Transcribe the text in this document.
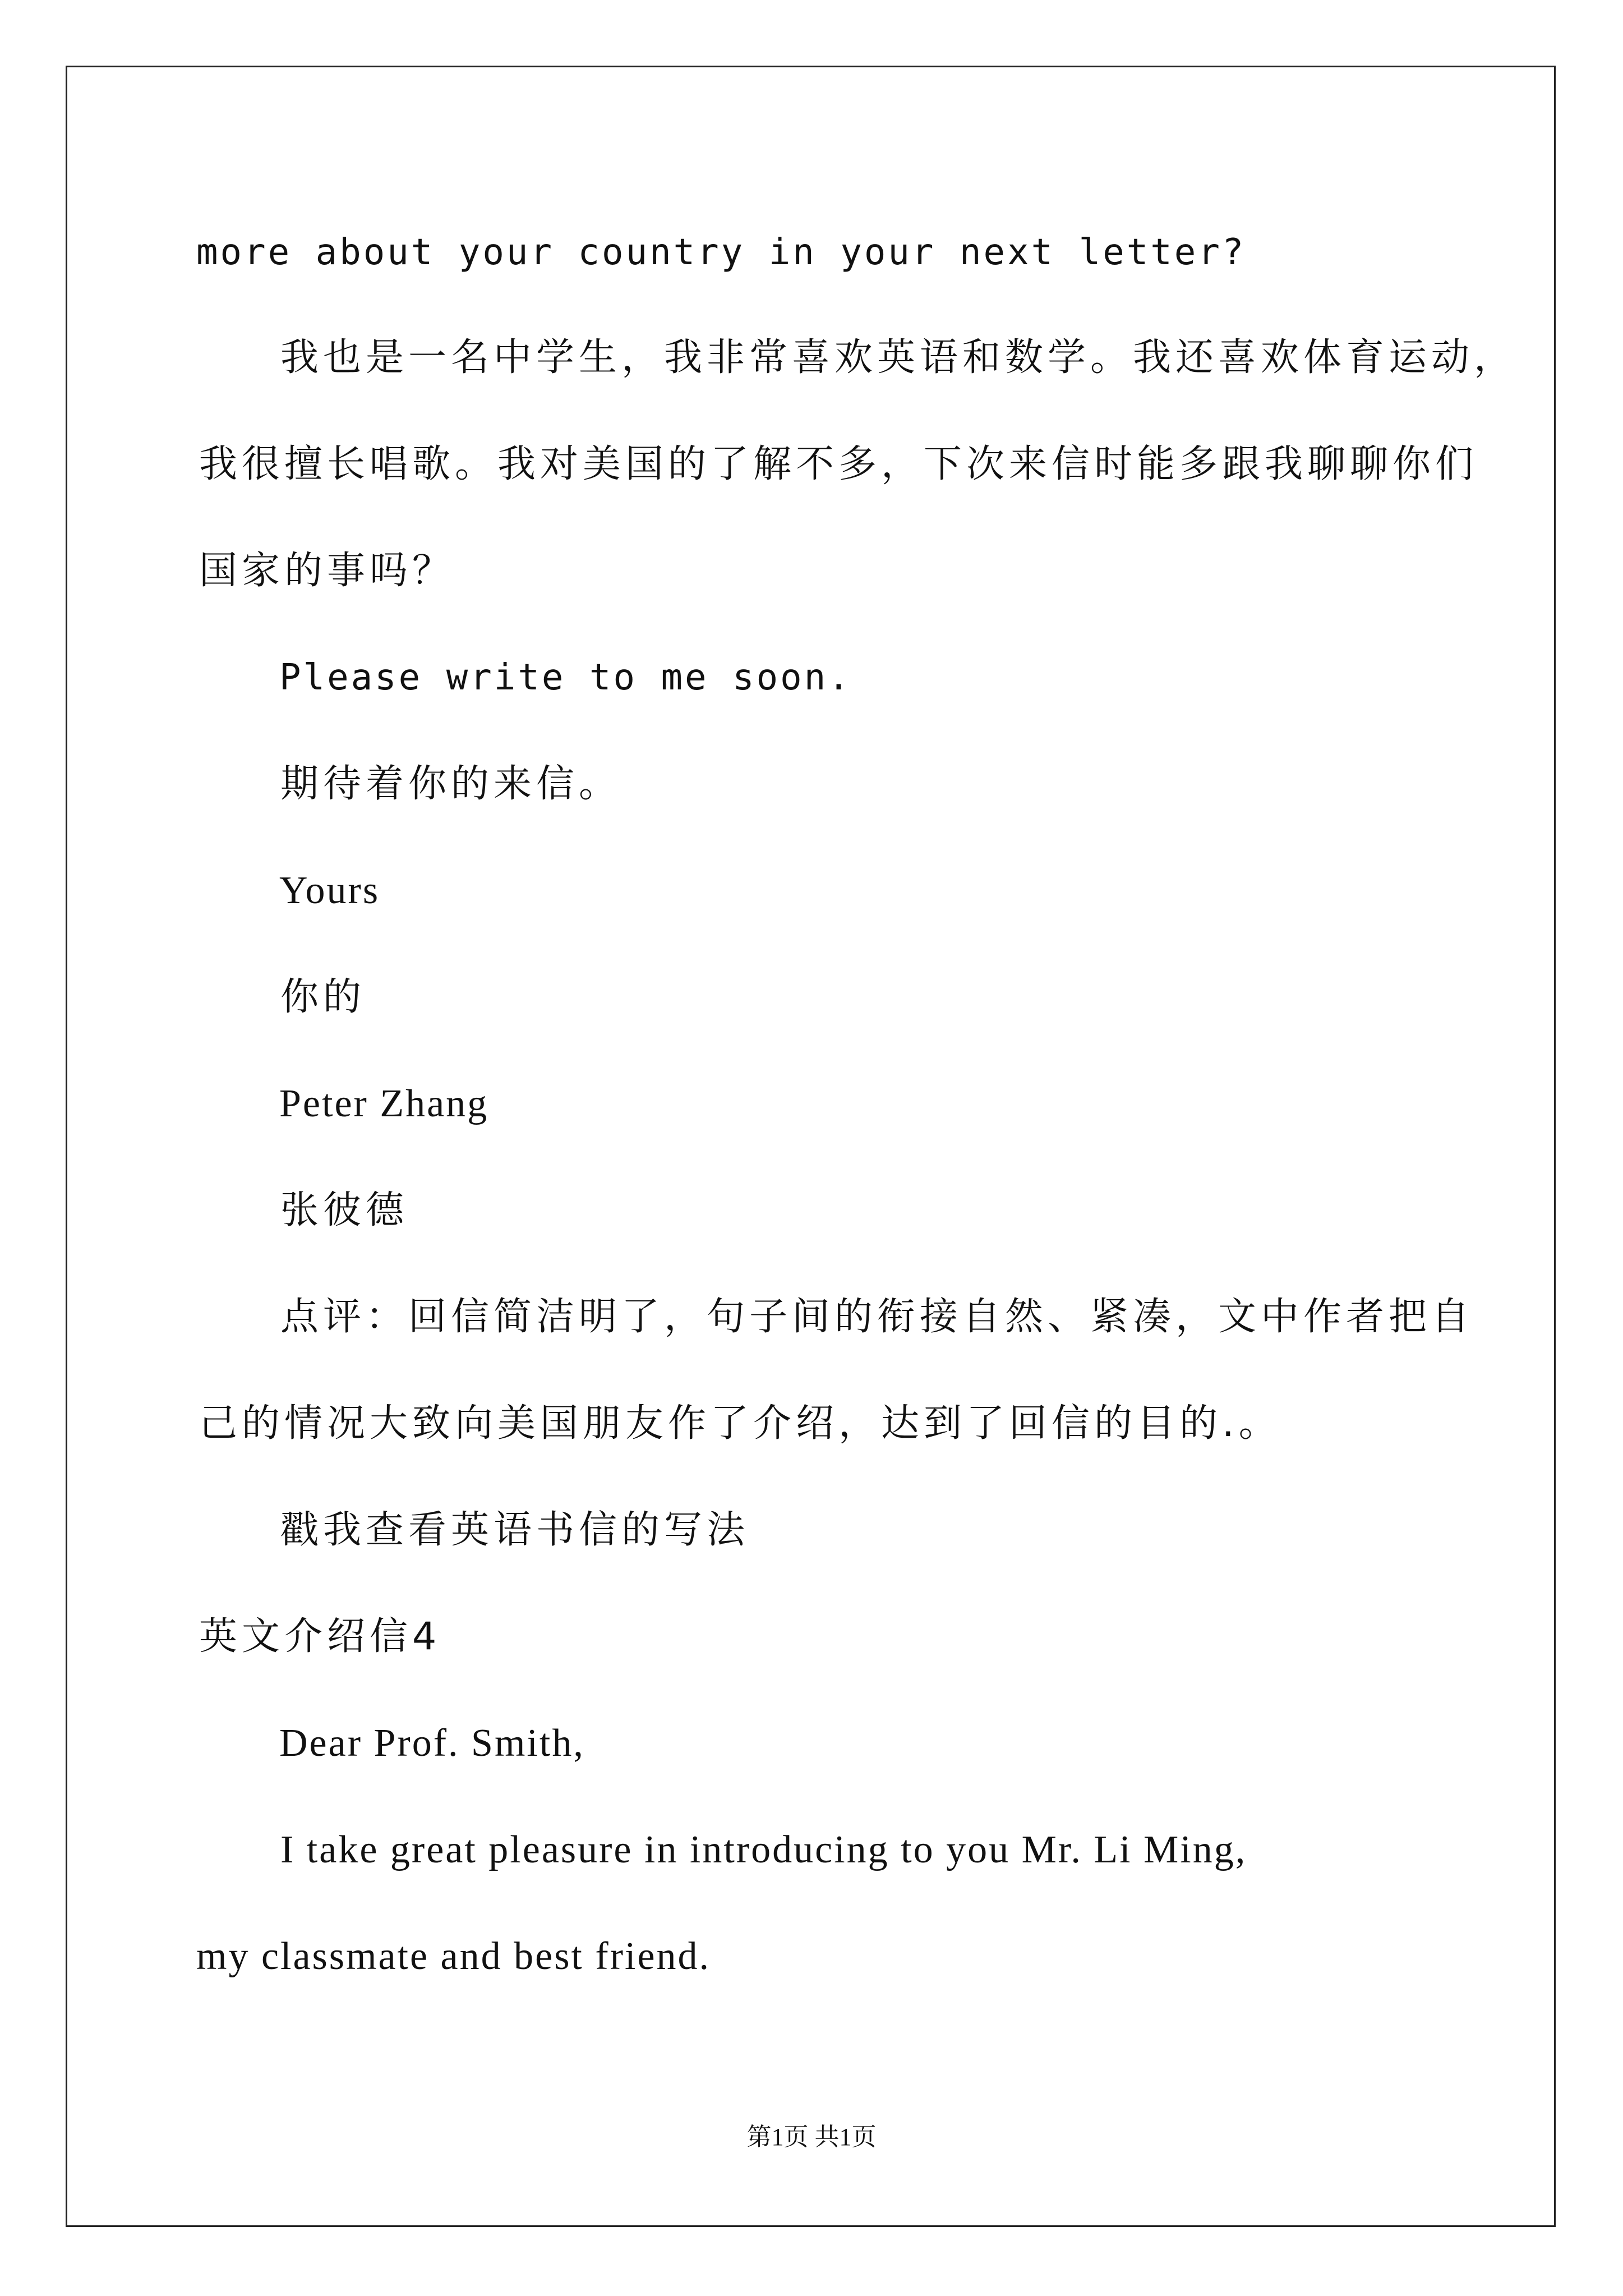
more about your country in your next letter?
我也是一名中学生，我非常喜欢英语和数学。我还喜欢体育运动，
我很擅长唱歌。我对美国的了解不多，下次来信时能多跟我聊聊你们
国家的事吗？
Please write to me soon.
期待着你的来信。
Yours
你的
Peter Zhang
张彼德
点评：回信简洁明了，句子间的衔接自然、紧凑，文中作者把自
己的情况大致向美国朋友作了介绍，达到了回信的目的.。
戳我查看英语书信的写法
英文介绍信4
Dear Prof. Smith,
I take great pleasure in introducing to you Mr. Li Ming,
my classmate and best friend.
第1页 共1页
